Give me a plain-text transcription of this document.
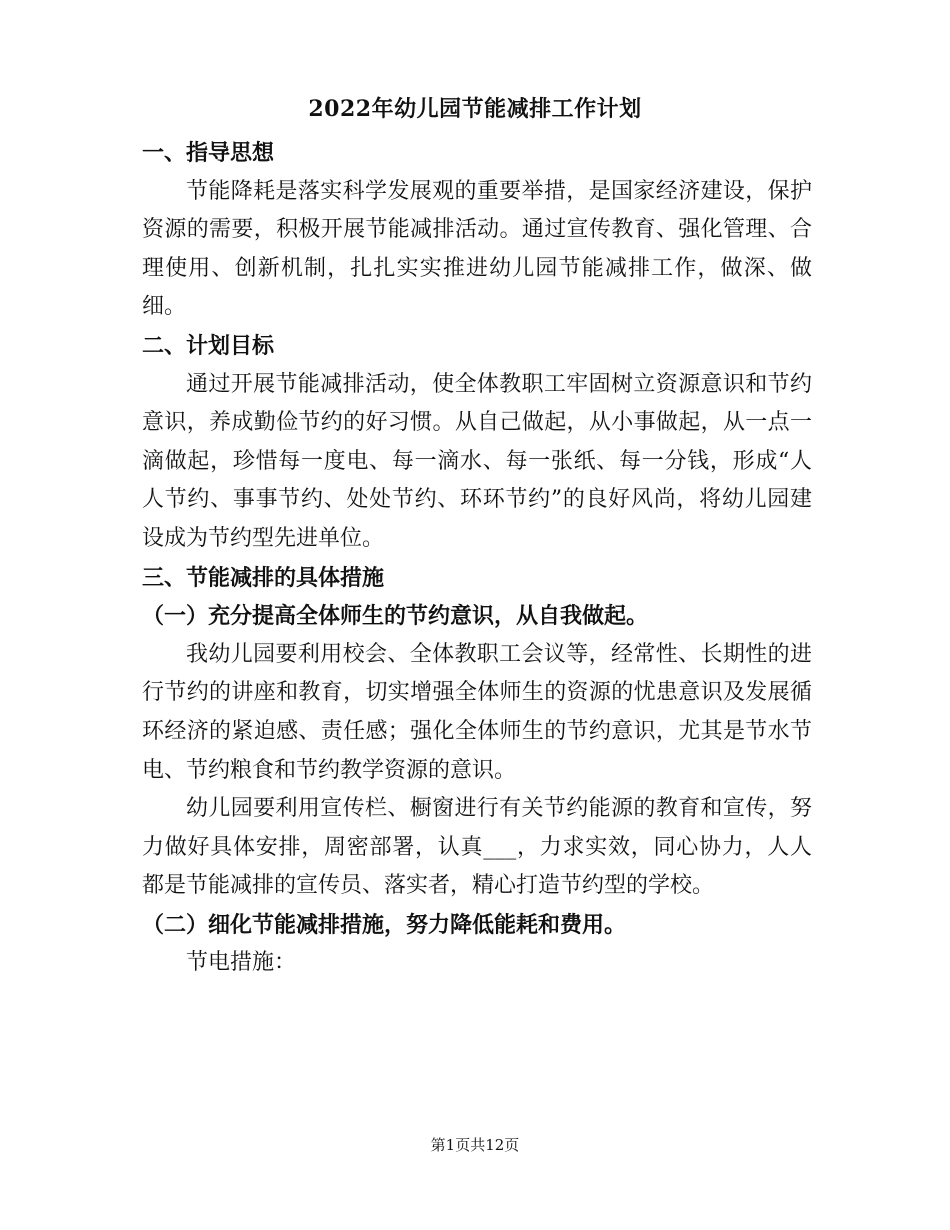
2022年幼儿园节能减排工作计划

一、指导思想

节能降耗是落实科学发展观的重要举措，是国家经济建设，保护资源的需要，积极开展节能减排活动。通过宣传教育、强化管理、合理使用、创新机制，扎扎实实推进幼儿园节能减排工作，做深、做细。

二、计划目标

通过开展节能减排活动，使全体教职工牢固树立资源意识和节约意识，养成勤俭节约的好习惯。从自己做起，从小事做起，从一点一滴做起，珍惜每一度电、每一滴水、每一张纸、每一分钱，形成“人人节约、事事节约、处处节约、环环节约”的良好风尚，将幼儿园建设成为节约型先进单位。

三、节能减排的具体措施

（一）充分提高全体师生的节约意识，从自我做起。

我幼儿园要利用校会、全体教职工会议等，经常性、长期性的进行节约的讲座和教育，切实增强全体师生的资源的忧患意识及发展循环经济的紧迫感、责任感；强化全体师生的节约意识，尤其是节水节电、节约粮食和节约教学资源的意识。

幼儿园要利用宣传栏、橱窗进行有关节约能源的教育和宣传，努力做好具体安排，周密部署，认真___，力求实效，同心协力，人人都是节能减排的宣传员、落实者，精心打造节约型的学校。

（二）细化节能减排措施，努力降低能耗和费用。

节电措施：

第1页共12页
